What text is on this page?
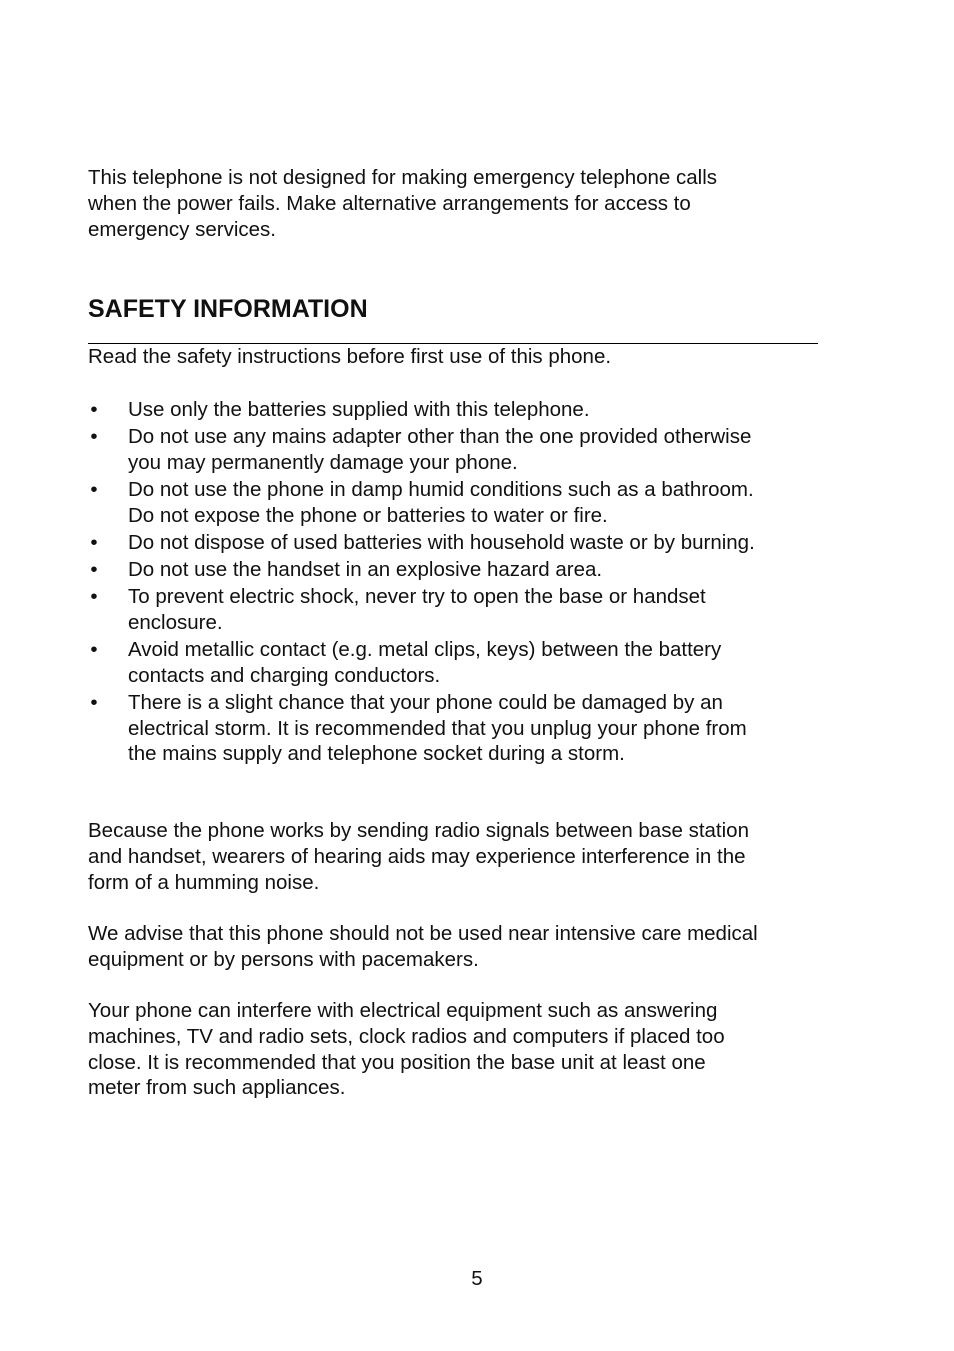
This telephone is not designed for making emergency telephone calls
when the power fails. Make alternative arrangements for access to
emergency services.

SAFETY INFORMATION

Read the safety instructions before first use of this phone.

• Use only the batteries supplied with this telephone.
• Do not use any mains adapter other than the one provided otherwise
you may permanently damage your phone.
• Do not use the phone in damp humid conditions such as a bathroom.
Do not expose the phone or batteries to water or fire.
• Do not dispose of used batteries with household waste or by burning.
• Do not use the handset in an explosive hazard area.
• To prevent electric shock, never try to open the base or handset
enclosure.
• Avoid metallic contact (e.g. metal clips, keys) between the battery
contacts and charging conductors.
• There is a slight chance that your phone could be damaged by an
electrical storm. It is recommended that you unplug your phone from
the mains supply and telephone socket during a storm.

Because the phone works by sending radio signals between base station
and handset, wearers of hearing aids may experience interference in the
form of a humming noise.

We advise that this phone should not be used near intensive care medical
equipment or by persons with pacemakers.

Your phone can interfere with electrical equipment such as answering
machines, TV and radio sets, clock radios and computers if placed too
close. It is recommended that you position the base unit at least one
meter from such appliances.

5
